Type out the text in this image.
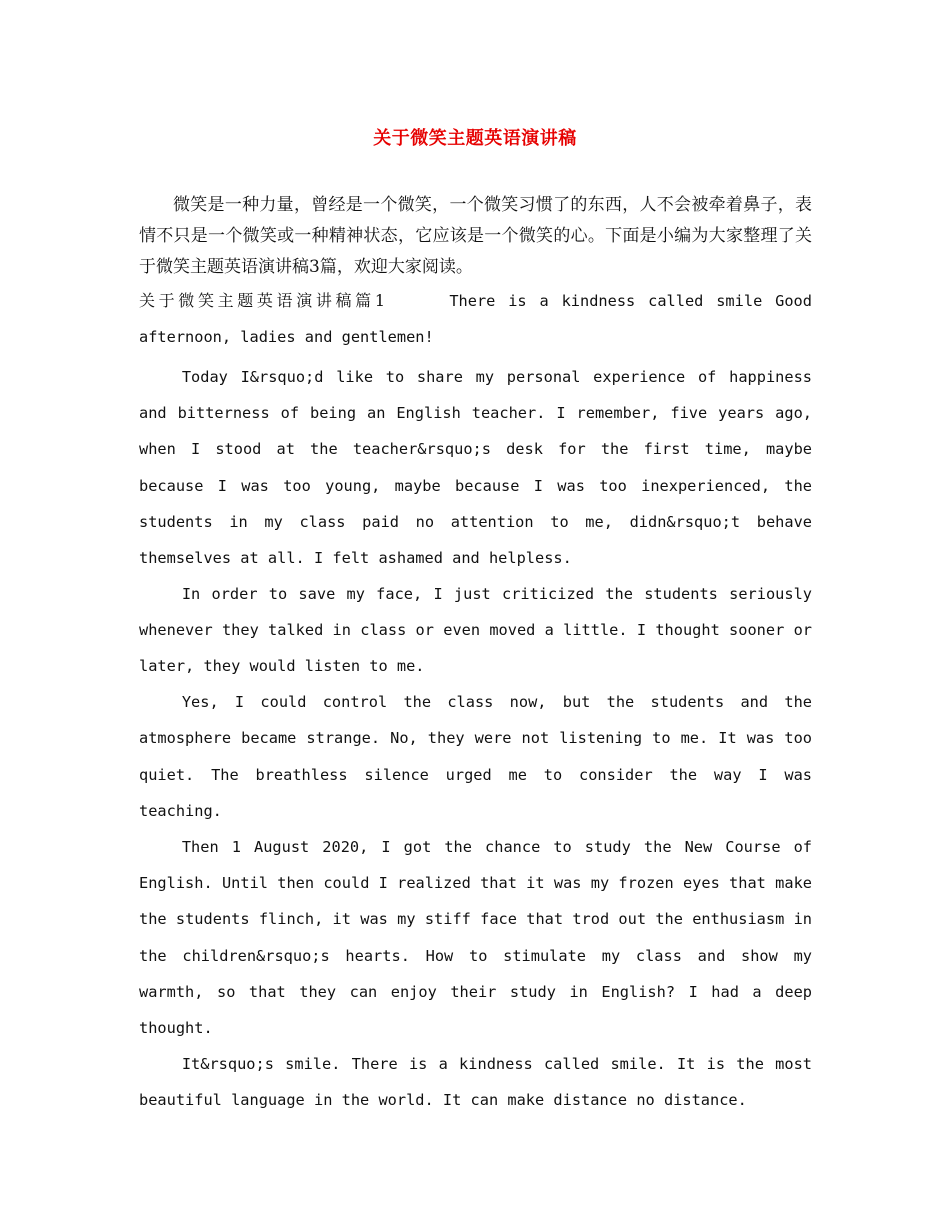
关于微笑主题英语演讲稿

微笑是一种力量，曾经是一个微笑，一个微笑习惯了的东西，人不会被牵着鼻子，表情不只是一个微笑或一种精神状态，它应该是一个微笑的心。下面是小编为大家整理了关于微笑主题英语演讲稿3篇，欢迎大家阅读。

关于微笑主题英语演讲稿篇1	There is a kindness called smile Good afternoon, ladies and gentlemen!

Today I&rsquo;d like to share my personal experience of happiness and bitterness of being an English teacher. I remember, five years ago, when I stood at the teacher&rsquo;s desk for the first time, maybe because I was too young, maybe because I was too inexperienced, the students in my class paid no attention to me, didn&rsquo;t behave themselves at all. I felt ashamed and helpless.

In order to save my face, I just criticized the students seriously whenever they talked in class or even moved a little. I thought sooner or later, they would listen to me.

Yes, I could control the class now, but the students and the atmosphere became strange. No, they were not listening to me. It was too quiet. The breathless silence urged me to consider the way I was teaching.

Then 1 August 2020, I got the chance to study the New Course of English. Until then could I realized that it was my frozen eyes that make the students flinch, it was my stiff face that trod out the enthusiasm in the children&rsquo;s hearts. How to stimulate my class and show my warmth, so that they can enjoy their study in English? I had a deep thought.

It&rsquo;s smile. There is a kindness called smile. It is the most beautiful language in the world. It can make distance no distance.
